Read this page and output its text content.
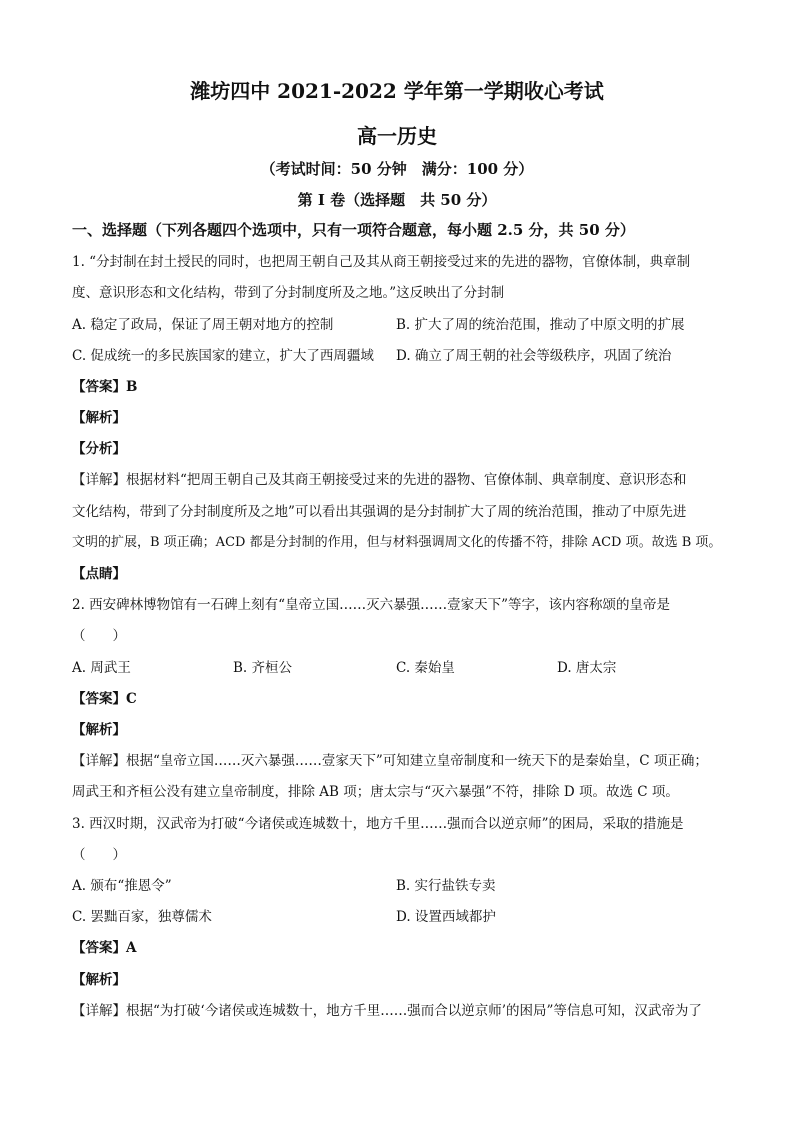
潍坊四中 2021-2022 学年第一学期收心考试
高一历史
（考试时间：50 分钟　满分：100 分）
第 I 卷（选择题　共 50 分）
一、选择题（下列各题四个选项中，只有一项符合题意，每小题 2.5 分，共 50 分）
1. “分封制在封土授民的同时，也把周王朝自己及其从商王朝接受过来的先进的器物，官僚体制，典章制
度、意识形态和文化结构，带到了分封制度所及之地。”这反映出了分封制
A. 稳定了政局，保证了周王朝对地方的控制	B. 扩大了周的统治范围，推动了中原文明的扩展
C. 促成统一的多民族国家的建立，扩大了西周疆域 D. 确立了周王朝的社会等级秩序，巩固了统治
【答案】B
【解析】
【分析】
【详解】根据材料“把周王朝自己及其商王朝接受过来的先进的器物、官僚体制、典章制度、意识形态和
文化结构，带到了分封制度所及之地”可以看出其强调的是分封制扩大了周的统治范围，推动了中原先进
文明的扩展，B 项正确；ACD 都是分封制的作用，但与材料强调周文化的传播不符，排除 ACD 项。故选 B 项。
【点睛】
2. 西安碑林博物馆有一石碑上刻有“皇帝立国……灭六暴强……壹家天下”等字，该内容称颂的皇帝是
（　　）
A. 周武王	B. 齐桓公	C. 秦始皇	D. 唐太宗
【答案】C
【解析】
【详解】根据“皇帝立国……灭六暴强……壹家天下”可知建立皇帝制度和一统天下的是秦始皇，C 项正确；
周武王和齐桓公没有建立皇帝制度，排除 AB 项；唐太宗与“灭六暴强”不符，排除 D 项。故选 C 项。
3. 西汉时期，汉武帝为打破“今诸侯或连城数十，地方千里……强而合以逆京师”的困局，采取的措施是
（　　）
A. 颁布“推恩令”	B. 实行盐铁专卖
C. 罢黜百家，独尊儒术	D. 设置西域都护
【答案】A
【解析】
【详解】根据“为打破‘今诸侯或连城数十，地方千里……强而合以逆京师’的困局”等信息可知，汉武帝为了
